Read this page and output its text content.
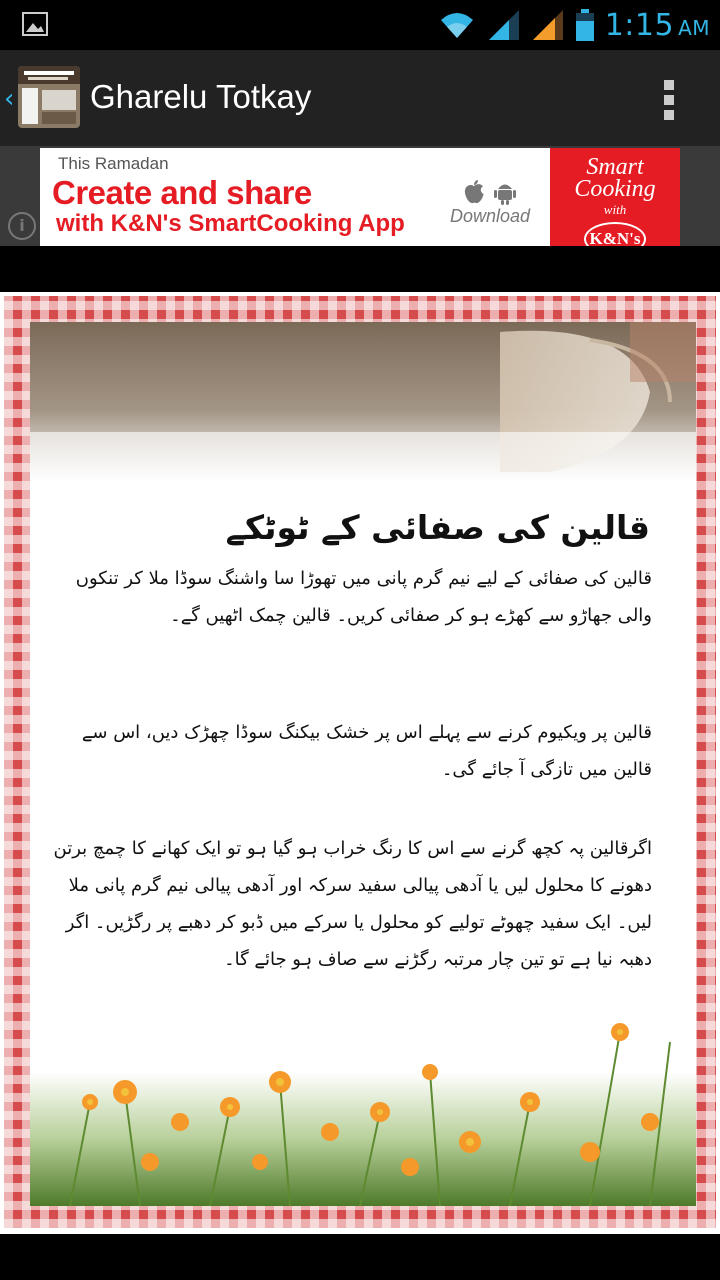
1:15 AM
‹ Gharelu Totkay
i
This Ramadan
Create and share
with K&N's SmartCooking App	Download
Smart
Cooking
with
K&N's
قالین کی صفائی کے ٹوٹکے
قالین کی صفائی کے لیے نیم گرم پانی میں تھوڑا سا واشنگ سوڈا ملا کر تنکوں والی جھاڑو سے کھڑے ہو کر صفائی کریں۔ قالین چمک اٹھیں گے۔
قالین پر ویکیوم کرنے سے پہلے اس پر خشک بیکنگ سوڈا چھڑک دیں، اس سے قالین میں تازگی آ جائے گی۔
اگرقالین پہ کچھ گرنے سے اس کا رنگ خراب ہو گیا ہو تو ایک کھانے کا چمچ برتن دھونے کا محلول لیں یا آدھی پیالی سفید سرکہ اور آدھی پیالی نیم گرم پانی ملا لیں۔ ایک سفید چھوٹے تولیے کو محلول یا سرکے میں ڈبو کر دھبے پر رگڑیں۔ اگر دھبہ نیا ہے تو تین چار مرتبہ رگڑنے سے صاف ہو جائے گا۔
